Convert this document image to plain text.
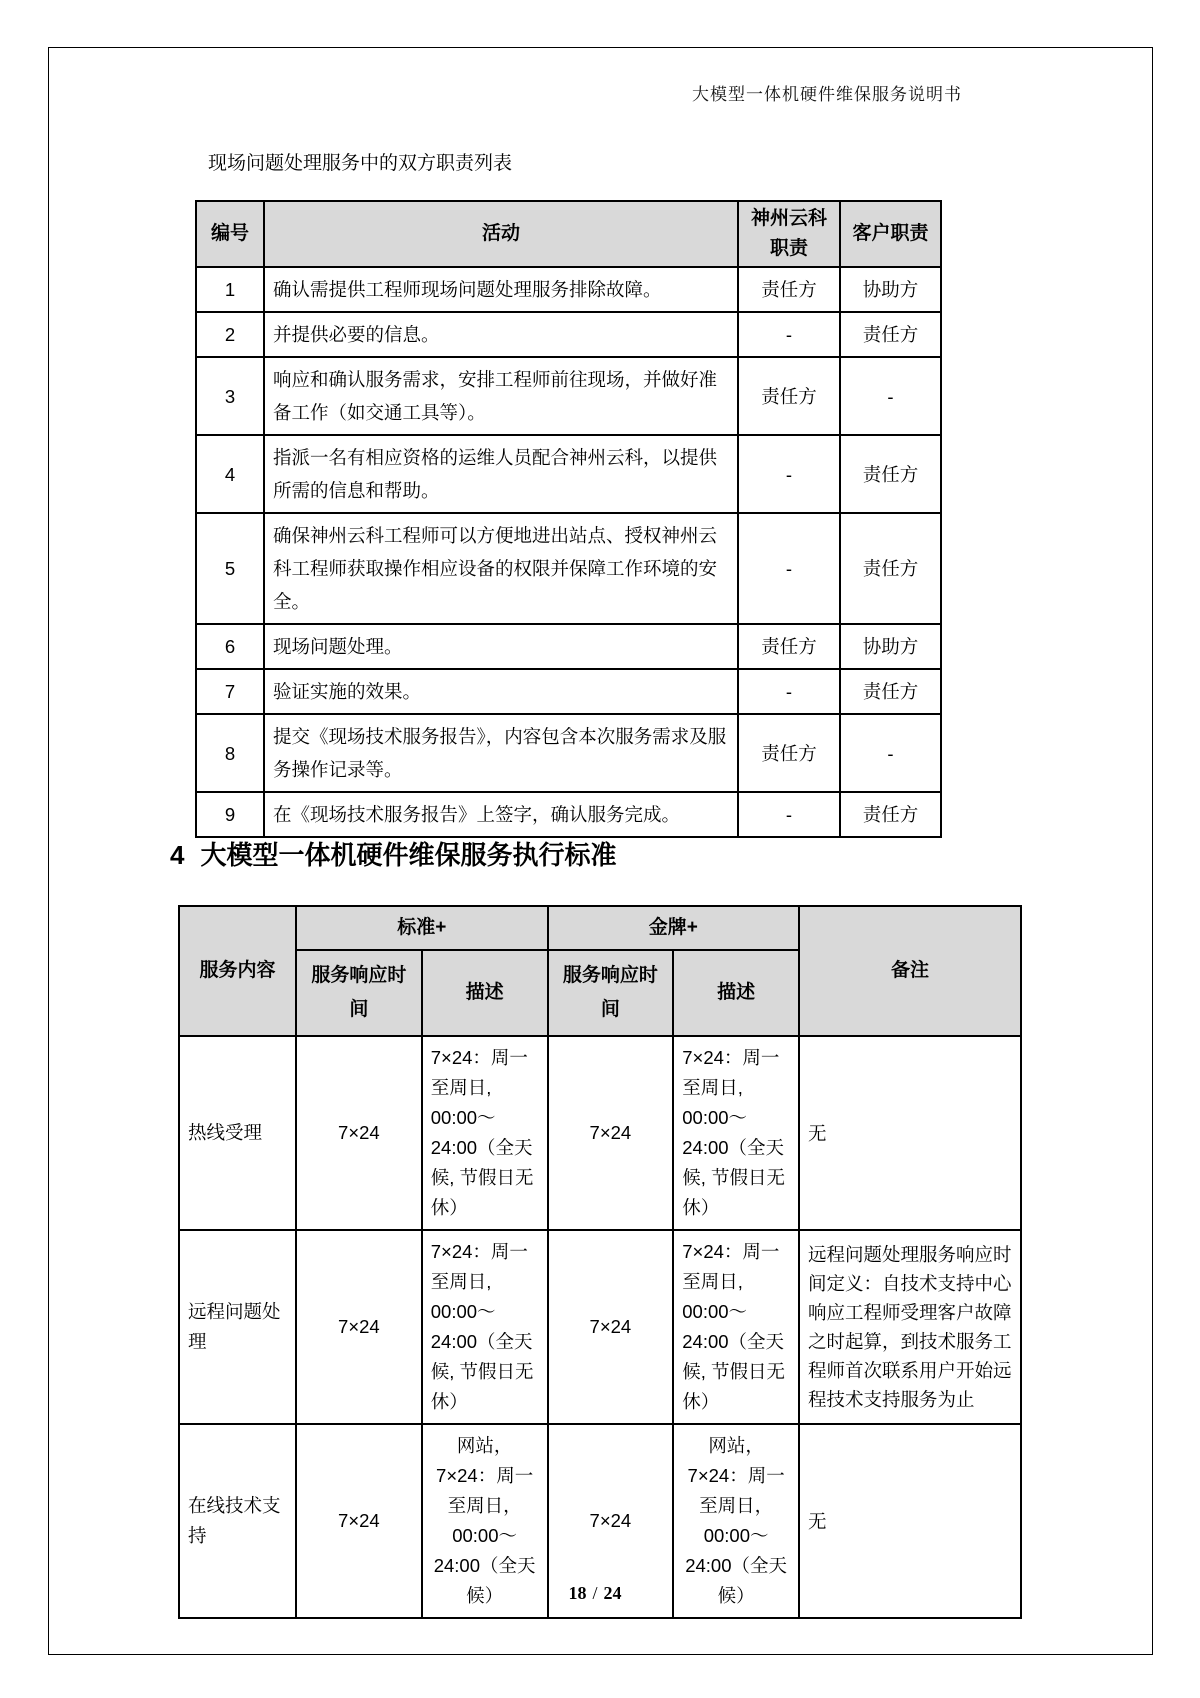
大模型一体机硬件维保服务说明书
现场问题处理服务中的双方职责列表
编号	活动	神州云科职责	客户职责
1	确认需提供工程师现场问题处理服务排除故障。	责任方	协助方
2	并提供必要的信息。	-	责任方
3	响应和确认服务需求，安排工程师前往现场，并做好准备工作（如交通工具等）。	责任方	-
4	指派一名有相应资格的运维人员配合神州云科，以提供所需的信息和帮助。	-	责任方
5	确保神州云科工程师可以方便地进出站点、授权神州云科工程师获取操作相应设备的权限并保障工作环境的安全。	-	责任方
6	现场问题处理。	责任方	协助方
7	验证实施的效果。	-	责任方
8	提交《现场技术服务报告》，内容包含本次服务需求及服务操作记录等。	责任方	-
9	在《现场技术服务报告》上签字，确认服务完成。	-	责任方
4 大模型一体机硬件维保服务执行标准
服务内容	标准+		金牌+		备注
	服务响应时间	描述	服务响应时间	描述	
热线受理	7×24	7×24：周一至周日, 00:00～24:00（全天候, 节假日无休）	7×24	7×24：周一至周日, 00:00～24:00（全天候, 节假日无休）	无
远程问题处理	7×24	7×24：周一至周日, 00:00～24:00（全天候, 节假日无休）	7×24	7×24：周一至周日, 00:00～24:00（全天候, 节假日无休）	远程问题处理服务响应时间定义：自技术支持中心响应工程师受理客户故障之时起算，到技术服务工程师首次联系用户开始远程技术支持服务为止
在线技术支持	7×24	网站，7×24：周一至周日，00:00～24:00（全天候）	7×24	网站，7×24：周一至周日，00:00～24:00（全天候）	无
18 / 24
